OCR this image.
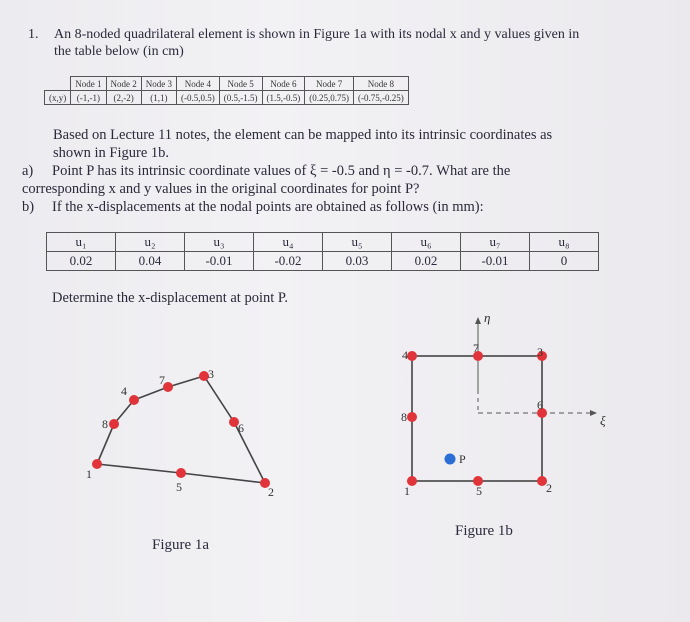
1. An 8-noded quadrilateral element is shown in Figure 1a with its nodal x and y values given in the table below (in cm)
	Node 1	Node 2	Node 3	Node 4	Node 5	Node 6	Node 7	Node 8
(x,y)	(-1,-1)	(2,-2)	(1,1)	(-0.5,0.5)	(0.5,-1.5)	(1.5,-0.5)	(0.25,0.75)	(-0.75,-0.25)
Based on Lecture 11 notes, the element can be mapped into its intrinsic coordinates as shown in Figure 1b.
a) Point P has its intrinsic coordinate values of ξ = -0.5 and η = -0.7. What are the corresponding x and y values in the original coordinates for point P?
b) If the x-displacements at the nodal points are obtained as follows (in mm):
u₁	u₂	u₃	u₄	u₅	u₆	u₇	u₈
0.02	0.04	-0.01	-0.02	0.03	0.02	-0.01	0
Determine the x-displacement at point P.
1
5	2
6
3
7
4
8
4	7	3
6
2
5
1
8
P
η
ξ
Figure 1a
Figure 1b
